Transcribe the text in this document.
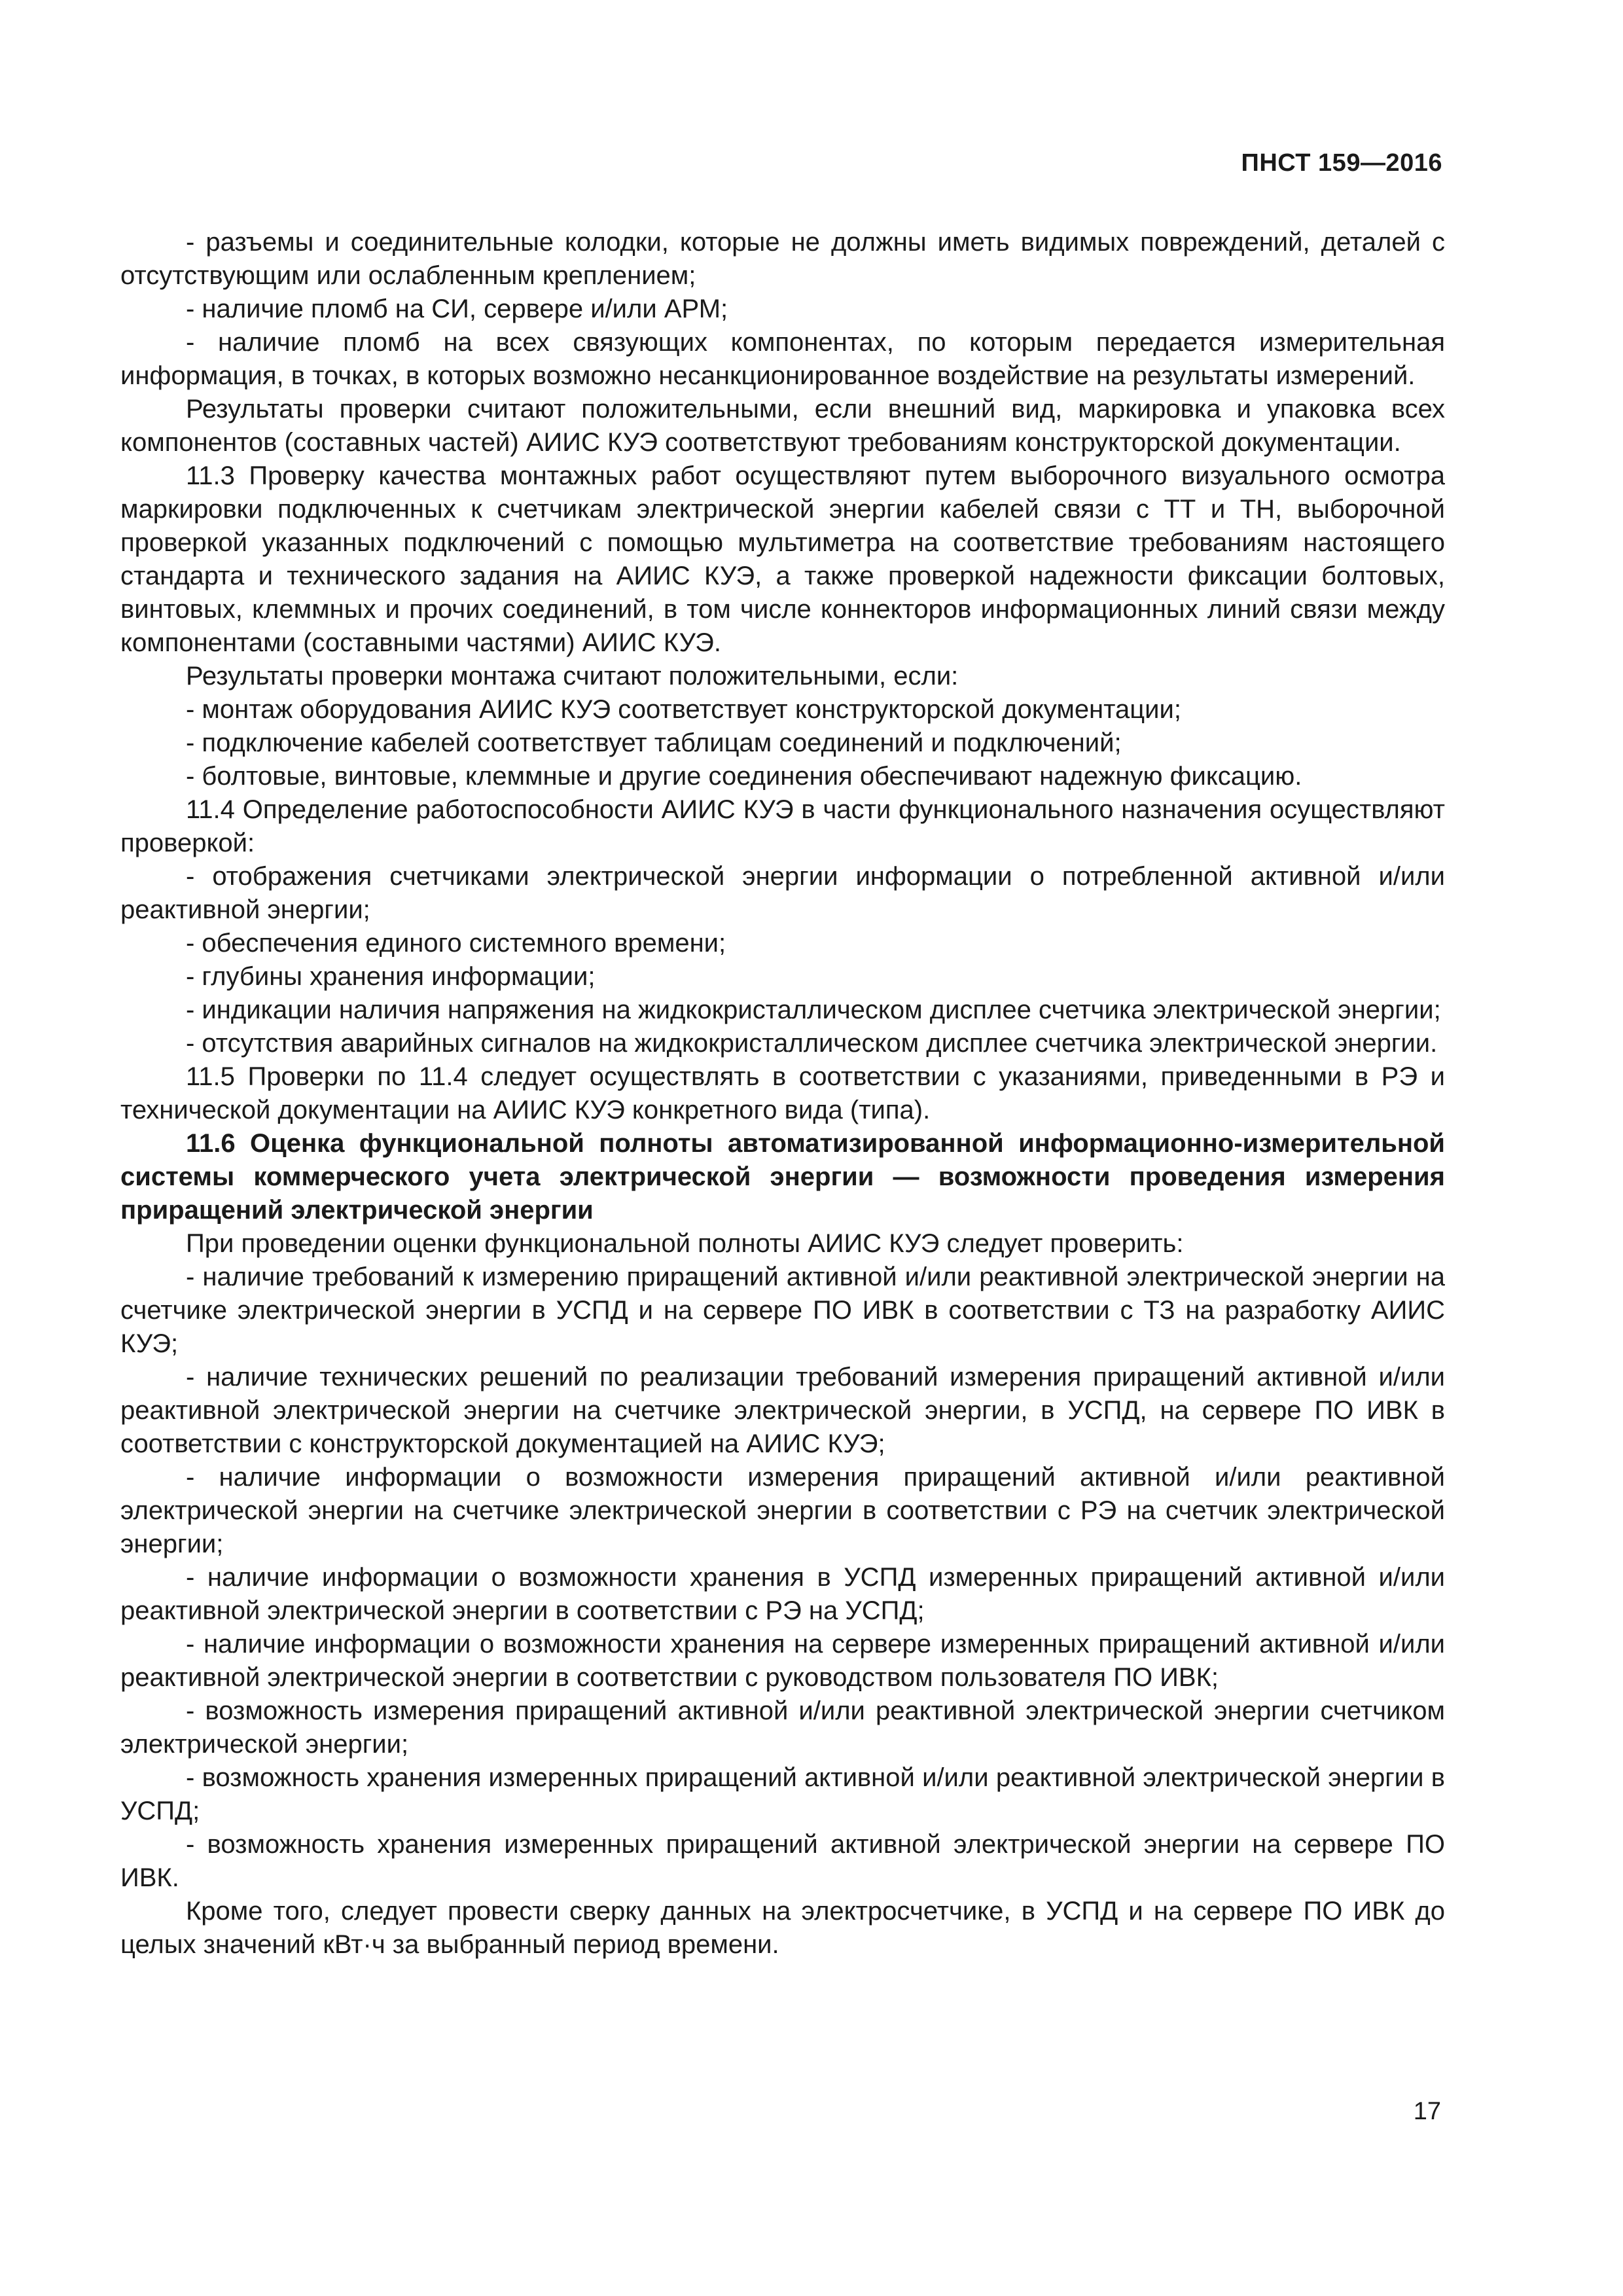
ПНСТ 159—2016

- разъемы и соединительные колодки, которые не должны иметь видимых повреждений, деталей с отсутствующим или ослабленным креплением;

- наличие пломб на СИ, сервере и/или АРМ;

- наличие пломб на всех связующих компонентах, по которым передается измерительная информация, в точках, в которых возможно несанкционированное воздействие на результаты измерений.

Результаты проверки считают положительными, если внешний вид, маркировка и упаковка всех компонентов (составных частей) АИИС КУЭ соответствуют требованиям конструкторской документации.

11.3 Проверку качества монтажных работ осуществляют путем выборочного визуального осмотра маркировки подключенных к счетчикам электрической энергии кабелей связи с ТТ и ТН, выборочной проверкой указанных подключений с помощью мультиметра на соответствие требованиям настоящего стандарта и технического задания на АИИС КУЭ, а также проверкой надежности фиксации болтовых, винтовых, клеммных и прочих соединений, в том числе коннекторов информационных линий связи между компонентами (составными частями) АИИС КУЭ.

Результаты проверки монтажа считают положительными, если:

- монтаж оборудования АИИС КУЭ соответствует конструкторской документации;

- подключение кабелей соответствует таблицам соединений и подключений;

- болтовые, винтовые, клеммные и другие соединения обеспечивают надежную фиксацию.

11.4 Определение работоспособности АИИС КУЭ в части функционального назначения осуществляют проверкой:

- отображения счетчиками электрической энергии информации о потребленной активной и/или реактивной энергии;

- обеспечения единого системного времени;

- глубины хранения информации;

- индикации наличия напряжения на жидкокристаллическом дисплее счетчика электрической энергии;

- отсутствия аварийных сигналов на жидкокристаллическом дисплее счетчика электрической энергии.

11.5 Проверки по 11.4 следует осуществлять в соответствии с указаниями, приведенными в РЭ и технической документации на АИИС КУЭ конкретного вида (типа).

11.6 Оценка функциональной полноты автоматизированной информационно-измерительной системы коммерческого учета электрической энергии — возможности проведения измерения приращений электрической энергии

При проведении оценки функциональной полноты АИИС КУЭ следует проверить:

- наличие требований к измерению приращений активной и/или реактивной электрической энергии на счетчике электрической энергии в УСПД и на сервере ПО ИВК в соответствии с ТЗ на разработку АИИС КУЭ;

- наличие технических решений по реализации требований измерения приращений активной и/или реактивной электрической энергии на счетчике электрической энергии, в УСПД, на сервере ПО ИВК в соответствии с конструкторской документацией на АИИС КУЭ;

- наличие информации о возможности измерения приращений активной и/или реактивной электрической энергии на счетчике электрической энергии в соответствии с РЭ на счетчик электрической энергии;

- наличие информации о возможности хранения в УСПД измеренных приращений активной и/или реактивной электрической энергии в соответствии с РЭ на УСПД;

- наличие информации о возможности хранения на сервере измеренных приращений активной и/или реактивной электрической энергии в соответствии с руководством пользователя ПО ИВК;

- возможность измерения приращений активной и/или реактивной электрической энергии счетчиком электрической энергии;

- возможность хранения измеренных приращений активной и/или реактивной электрической энергии в УСПД;

- возможность хранения измеренных приращений активной электрической энергии на сервере ПО ИВК.

Кроме того, следует провести сверку данных на электросчетчике, в УСПД и на сервере ПО ИВК до целых значений кВт·ч за выбранный период времени.

17
